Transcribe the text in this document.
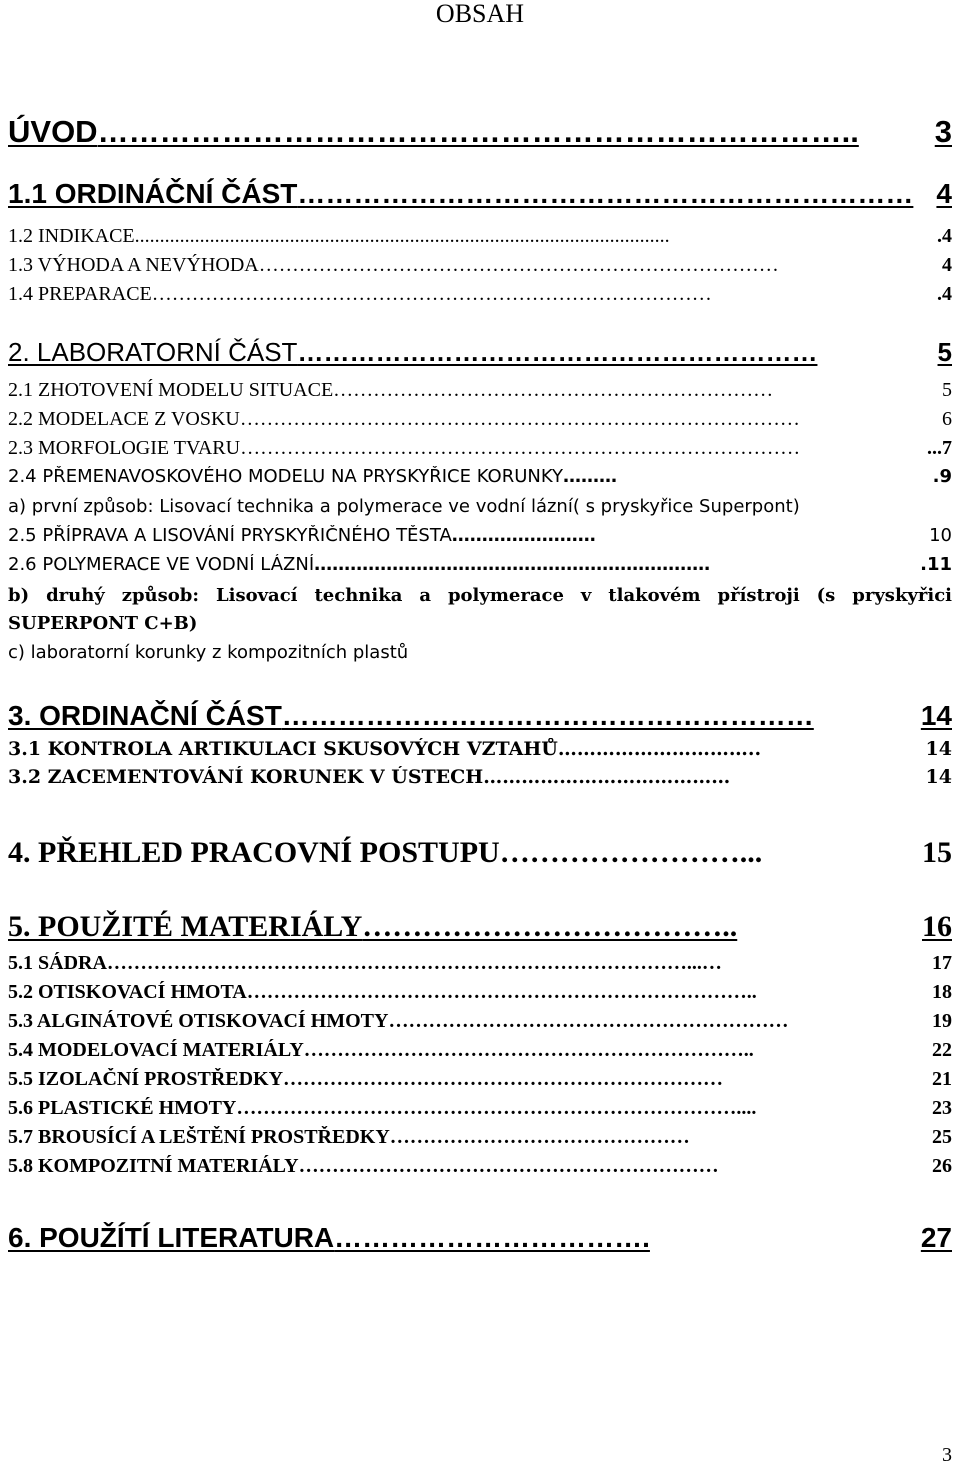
OBSAH
ÚVOD ………………………………………………………………..	3
1.1 ORDINÁČNÍ ČÁST ………………………………………………………… 4
1.2 INDIKACE ...........................................................................................................	.4
1.3 VÝHODA A NEVÝHODA ……………………………………………………………………	4
1.4 PREPARACE …………………………………………………………………………	.4
2. LABORATORNÍ ČÁST ……………………………………………………	5
2.1 ZHOTOVENÍ MODELU SITUACE …………………………………………………………	5
2.2 MODELACE Z VOSKU …………………………………………………………………………	6
2.3 MORFOLOGIE TVARU …………………………………………………………………………	...7
2.4 PŘEMENAVOSKOVÉHO MODELU NA PRYSKYŘICE KORUNKY ………	.9
a) první způsob: Lisovací technika a polymerace ve vodní lázní( s pryskyřice Superpont)
2.5 PŘÍPRAVA A LISOVÁNÍ PRYSKYŘIČNÉHO TĚSTA ……………………	10
2.6 POLYMERACE VE VODNÍ LÁZNÍ …………………………………………………………	.11
b) druhý způsob: Lisovací technika a polymerace v tlakovém přístroji (s pryskyřici SUPERPONT C+B)
c) laboratorní korunky z kompozitních plastů
3. ORDINAČNÍ ČÁST …………………………………………………	14
3.1 KONTROLA ARTIKULACI SKUSOVÝCH VZTAHŮ …………………………..	14
3.2 ZACEMENTOVÁNÍ KORUNEK V ÚSTECH …………………………………	14
4. PŘEHLED PRACOVNÍ POSTUPU ……………………...	15
5. POUŽITÉ MATERIÁLY ………………………………..	16
5.1 SÁDRA ……………………………………………………………………………...…	17
5.2 OTISKOVACÍ HMOTA …………………………………………………………………..	18
5.3 ALGINÁTOVÉ OTISKOVACÍ HMOTY ……………………………………………………	19
5.4 MODELOVACÍ MATERIÁLY …………………………………………………………..	22
5.5 IZOLAČNÍ PROSTŘEDKY …………………………………………………………	21
5.6 PLASTICKÉ HMOTY …………………………………………………………………....	23
5.7 BROUSÍCÍ A LEŠTĚNÍ PROSTŘEDKY ………………………………………	25
5.8 KOMPOZITNÍ MATERIÁLY ………………………………………………………	26
6. POUŽÍTÍ LITERATURA …………………………….	27
3
